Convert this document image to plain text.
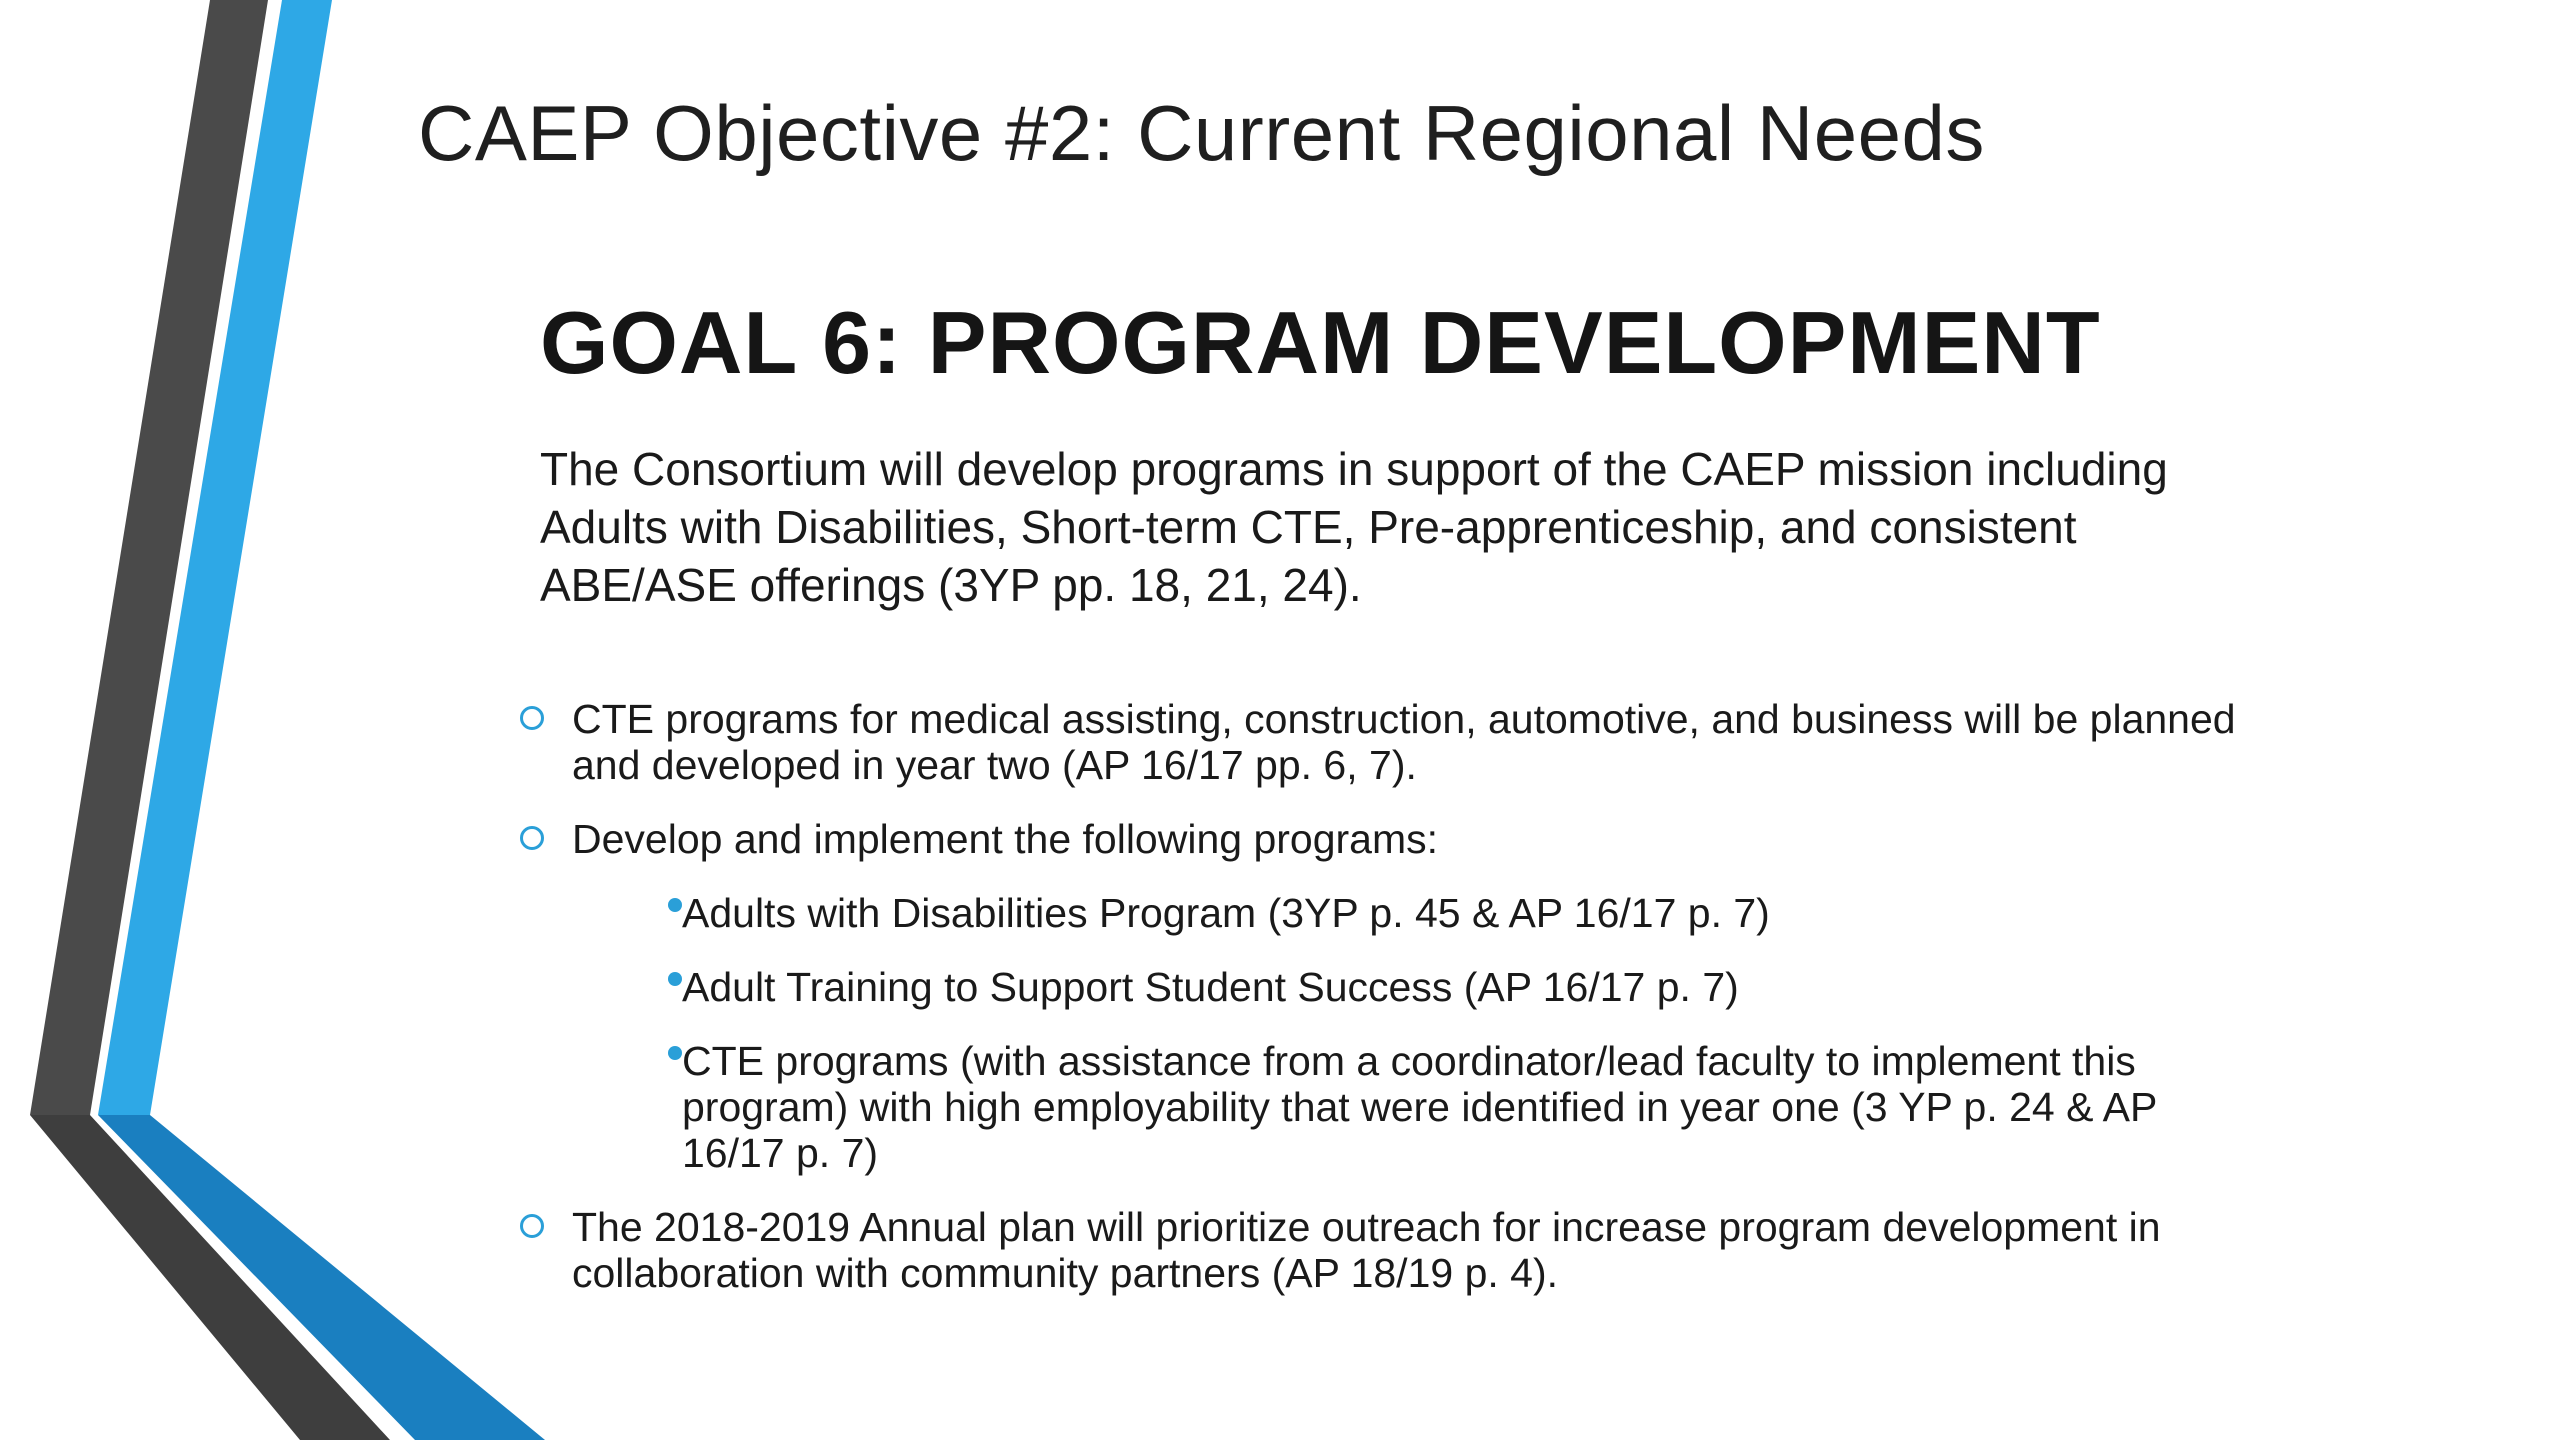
CAEP Objective #2: Current Regional Needs
GOAL 6: PROGRAM DEVELOPMENT
The Consortium will develop programs in support of the CAEP mission including Adults with Disabilities, Short-term CTE, Pre-apprenticeship, and consistent ABE/ASE offerings (3YP pp. 18, 21, 24).
CTE programs for medical assisting, construction, automotive, and business will be planned and developed in year two (AP 16/17 pp. 6, 7).
Develop and implement the following programs:
Adults with Disabilities Program (3YP p. 45 & AP 16/17 p. 7)
Adult Training to Support Student Success (AP 16/17 p. 7)
CTE programs (with assistance from a coordinator/lead faculty to implement this program) with high employability that were identified in year one (3 YP p. 24 & AP 16/17 p. 7)
The 2018-2019 Annual plan will prioritize outreach for increase program development in collaboration with community partners (AP 18/19 p. 4).
